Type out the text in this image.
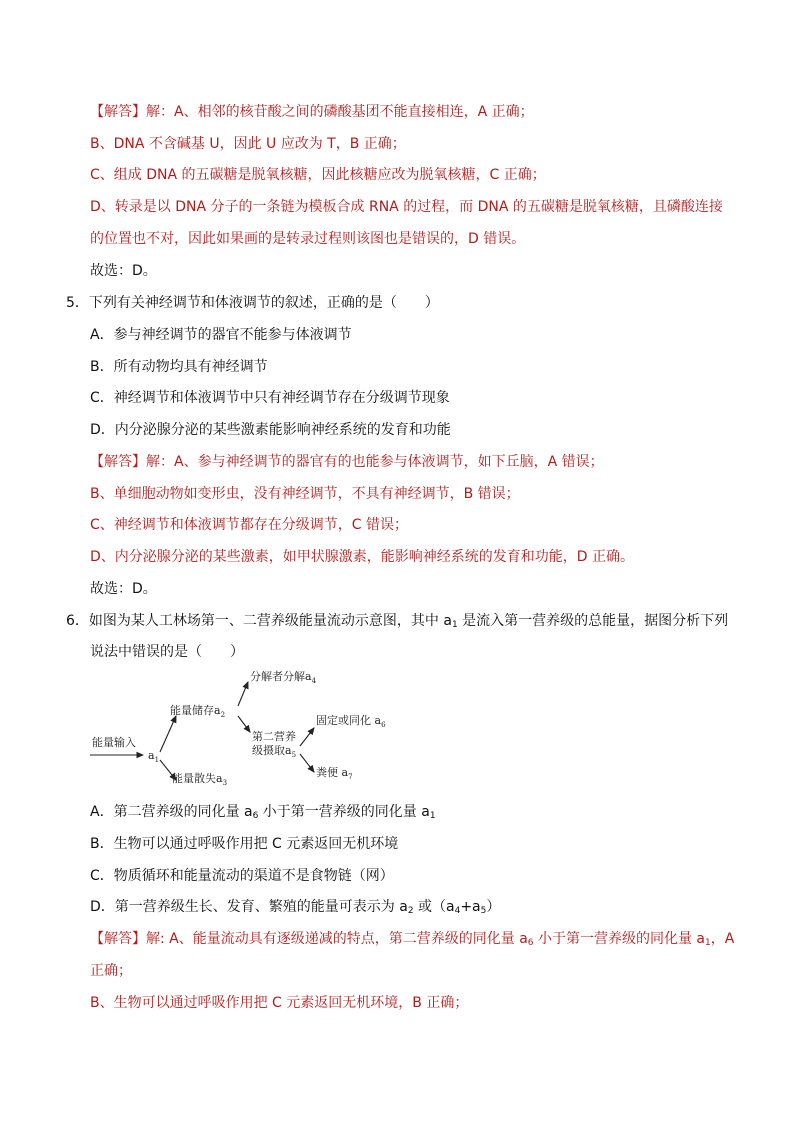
【解答】解：A、相邻的核苷酸之间的磷酸基团不能直接相连，A 正确；
B、DNA 不含碱基 U，因此 U 应改为 T，B 正确；
C、组成 DNA 的五碳糖是脱氧核糖，因此核糖应改为脱氧核糖，C 正确；
D、转录是以 DNA 分子的一条链为模板合成 RNA 的过程，而 DNA 的五碳糖是脱氧核糖，且磷酸连接
的位置也不对，因此如果画的是转录过程则该图也是错误的，D 错误。
故选：D。
5．下列有关神经调节和体液调节的叙述，正确的是（　　）
A．参与神经调节的器官不能参与体液调节
B．所有动物均具有神经调节
C．神经调节和体液调节中只有神经调节存在分级调节现象
D．内分泌腺分泌的某些激素能影响神经系统的发育和功能
【解答】解：A、参与神经调节的器官有的也能参与体液调节，如下丘脑，A 错误；
B、单细胞动物如变形虫，没有神经调节，不具有神经调节，B 错误；
C、神经调节和体液调节都存在分级调节，C 错误；
D、内分泌腺分泌的某些激素，如甲状腺激素，能影响神经系统的发育和功能，D 正确。
故选：D。
6．如图为某人工林场第一、二营养级能量流动示意图，其中 $a_1$ 是流入第一营养级的总能量，据图分析下列
说法中错误的是（　　）
能量输入
$a_1$
能量储存$a_2$
能量散失$a_3$
分解者分解$a_4$
第二营养
级摄取$a_5$
固定或同化 $a_6$
粪便 $a_7$
A．第二营养级的同化量 $a_6$ 小于第一营养级的同化量 $a_1$
B．生物可以通过呼吸作用把 C 元素返回无机环境
C．物质循环和能量流动的渠道不是食物链（网）
D．第一营养级生长、发育、繁殖的能量可表示为 $a_2$ 或$(a_4+a_5)$
【解答】解: A、能量流动具有逐级递减的特点，第二营养级的同化量 $a_6$ 小于第一营养级的同化量 $a_1$，A
正确；
B、生物可以通过呼吸作用把 C 元素返回无机环境，B 正确；
